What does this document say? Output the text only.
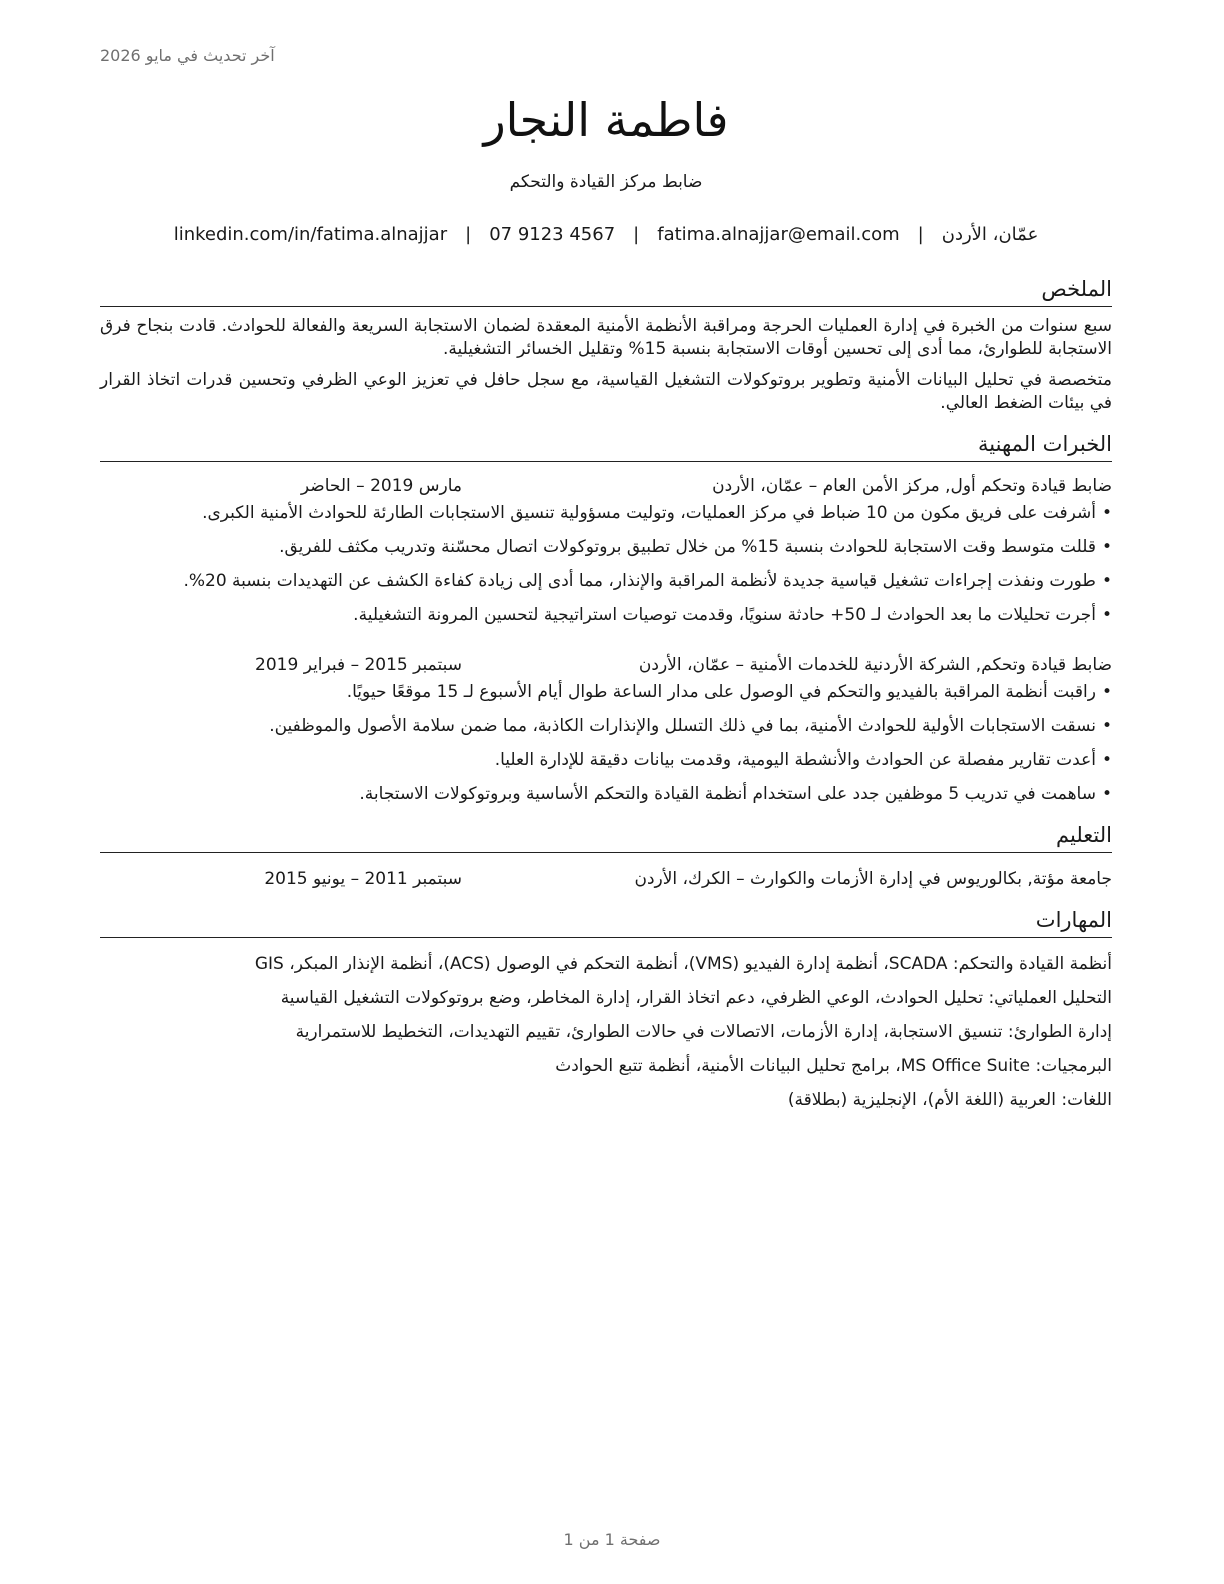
آخر تحديث في مايو 2026
فاطمة النجار
ضابط مركز القيادة والتحكم
عمّان، الأردن
|
fatima.alnajjar@email.com
|
07 9123 4567
|
linkedin.com/in/fatima.alnajjar
الملخص

سبع سنوات من الخبرة في إدارة العمليات الحرجة ومراقبة الأنظمة الأمنية المعقدة لضمان الاستجابة السريعة والفعالة للحوادث. قادت بنجاح فرق الاستجابة للطوارئ، مما أدى إلى تحسين أوقات الاستجابة بنسبة 15% وتقليل الخسائر التشغيلية.

متخصصة في تحليل البيانات الأمنية وتطوير بروتوكولات التشغيل القياسية، مع سجل حافل في تعزيز الوعي الظرفي وتحسين قدرات اتخاذ القرار في بيئات الضغط العالي.

الخبرات المهنية
ضابط قيادة وتحكم أول, مركز الأمن العام – عمّان، الأردن
مارس 2019 – الحاضر
•أشرفت على فريق مكون من 10 ضباط في مركز العمليات، وتوليت مسؤولية تنسيق الاستجابات الطارئة للحوادث الأمنية الكبرى.
•قللت متوسط وقت الاستجابة للحوادث بنسبة 15% من خلال تطبيق بروتوكولات اتصال محسّنة وتدريب مكثف للفريق.
•طورت ونفذت إجراءات تشغيل قياسية جديدة لأنظمة المراقبة والإنذار، مما أدى إلى زيادة كفاءة الكشف عن التهديدات بنسبة 20%.
•أجرت تحليلات ما بعد الحوادث لـ 50+ حادثة سنويًا، وقدمت توصيات استراتيجية لتحسين المرونة التشغيلية.
ضابط قيادة وتحكم, الشركة الأردنية للخدمات الأمنية – عمّان، الأردن
سبتمبر 2015 – فبراير 2019
•راقبت أنظمة المراقبة بالفيديو والتحكم في الوصول على مدار الساعة طوال أيام الأسبوع لـ 15 موقعًا حيويًا.
•نسقت الاستجابات الأولية للحوادث الأمنية، بما في ذلك التسلل والإنذارات الكاذبة، مما ضمن سلامة الأصول والموظفين.
•أعدت تقارير مفصلة عن الحوادث والأنشطة اليومية، وقدمت بيانات دقيقة للإدارة العليا.
•ساهمت في تدريب 5 موظفين جدد على استخدام أنظمة القيادة والتحكم الأساسية وبروتوكولات الاستجابة.
التعليم
جامعة مؤتة, بكالوريوس في إدارة الأزمات والكوارث – الكرك، الأردن
سبتمبر 2011 – يونيو 2015
المهارات
أنظمة القيادة والتحكم: SCADA، أنظمة إدارة الفيديو (VMS)، أنظمة التحكم في الوصول (ACS)، أنظمة الإنذار المبكر، GIS
التحليل العملياتي: تحليل الحوادث، الوعي الظرفي، دعم اتخاذ القرار، إدارة المخاطر، وضع بروتوكولات التشغيل القياسية
إدارة الطوارئ: تنسيق الاستجابة، إدارة الأزمات، الاتصالات في حالات الطوارئ، تقييم التهديدات، التخطيط للاستمرارية
البرمجيات: MS Office Suite، برامج تحليل البيانات الأمنية، أنظمة تتبع الحوادث
اللغات: العربية (اللغة الأم)، الإنجليزية (بطلاقة)
صفحة 1 من 1
